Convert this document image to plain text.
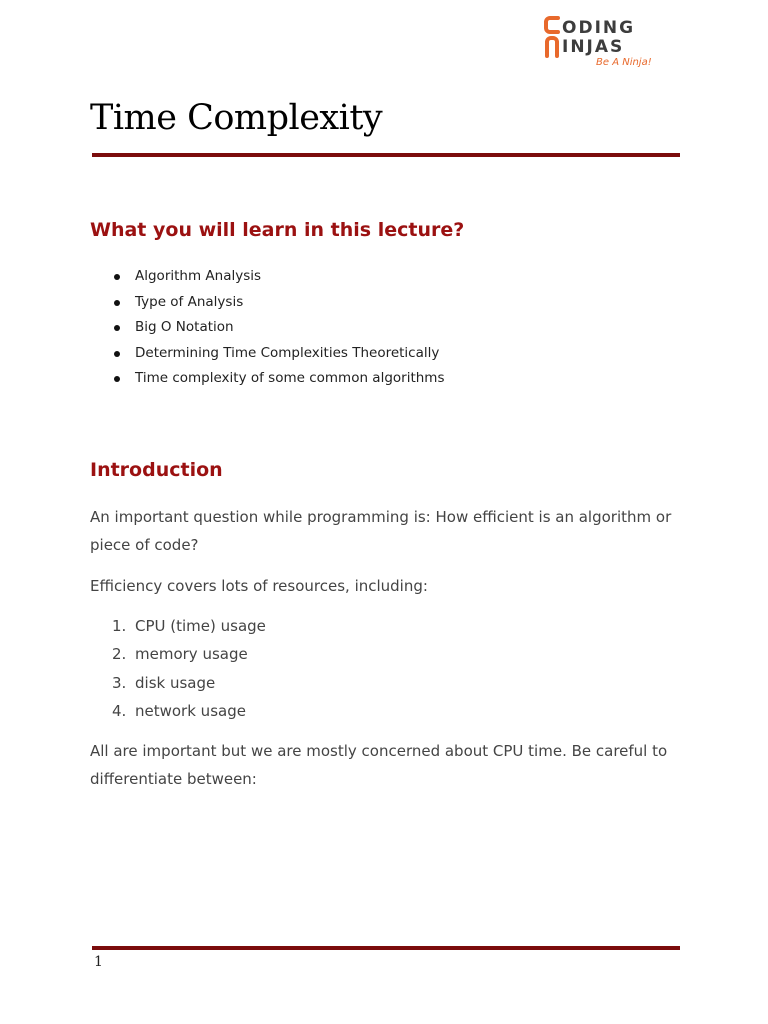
ODING
INJAS
Be A Ninja!
Time Complexity
What you will learn in this lecture?
Algorithm Analysis
Type of Analysis
Big O Notation
Determining Time Complexities Theoretically
Time complexity of some common algorithms
Introduction

An important question while programming is: How efficient is an algorithm or piece of code?

Efficiency covers lots of resources, including:

1. CPU (time) usage
2. memory usage
3. disk usage
4. network usage

All are important but we are mostly concerned about CPU time. Be careful to differentiate between:

1
